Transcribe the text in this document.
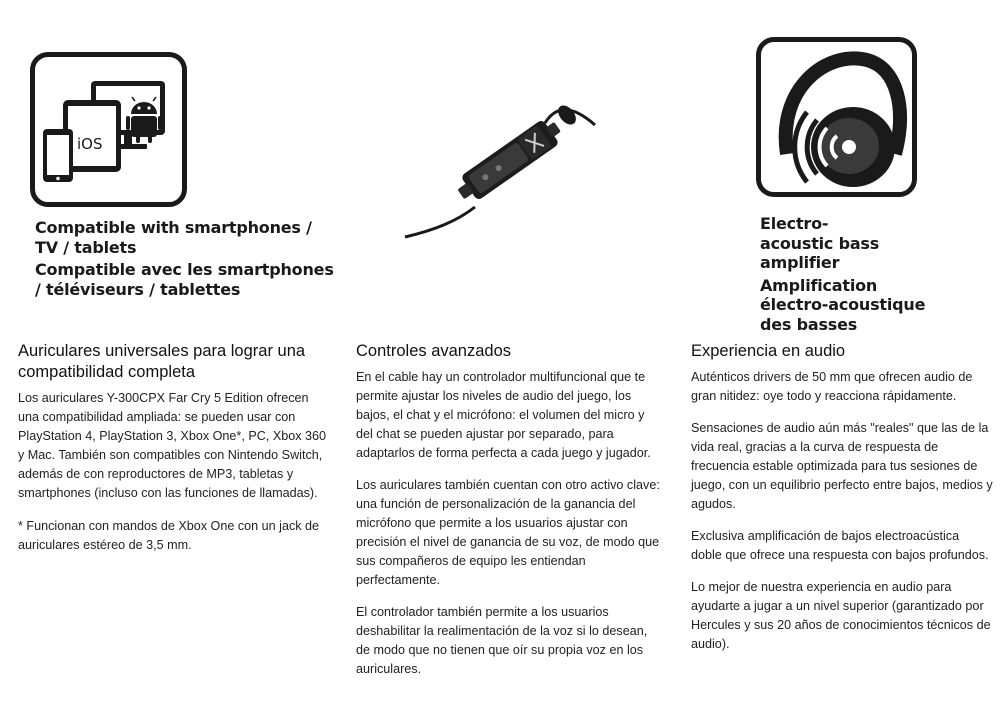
iOS
Compatible with smartphones / TV / tablets
Compatible avec les smartphones / téléviseurs / tablettes
Electro-acoustic bass amplifier
Amplification électro-acoustique des basses
Auriculares universales para lograr una compatibilidad completa

Los auriculares Y-300CPX Far Cry 5 Edition ofrecen una compatibilidad ampliada: se pueden usar con PlayStation 4, PlayStation 3, Xbox One*, PC, Xbox 360 y Mac. También son compatibles con Nintendo Switch, además de con reproductores de MP3, tabletas y smartphones (incluso con las funciones de llamadas).

* Funcionan con mandos de Xbox One con un jack de auriculares estéreo de 3,5 mm.

Controles avanzados

En el cable hay un controlador multifuncional que te permite ajustar los niveles de audio del juego, los bajos, el chat y el micrófono: el volumen del micro y del chat se pueden ajustar por separado, para adaptarlos de forma perfecta a cada juego y jugador.

Los auriculares también cuentan con otro activo clave: una función de personalización de la ganancia del micrófono que permite a los usuarios ajustar con precisión el nivel de ganancia de su voz, de modo que sus compañeros de equipo les entiendan perfectamente.

El controlador también permite a los usuarios deshabilitar la realimentación de la voz si lo desean, de modo que no tienen que oír su propia voz en los auriculares.

Experiencia en audio

Auténticos drivers de 50 mm que ofrecen audio de gran nitidez: oye todo y reacciona rápidamente.

Sensaciones de audio aún más "reales" que las de la vida real, gracias a la curva de respuesta de frecuencia estable optimizada para tus sesiones de juego, con un equilibrio perfecto entre bajos, medios y agudos.

Exclusiva amplificación de bajos electroacústica doble que ofrece una respuesta con bajos profundos.

Lo mejor de nuestra experiencia en audio para ayudarte a jugar a un nivel superior (garantizado por Hercules y sus 20 años de conocimientos técnicos de audio).
